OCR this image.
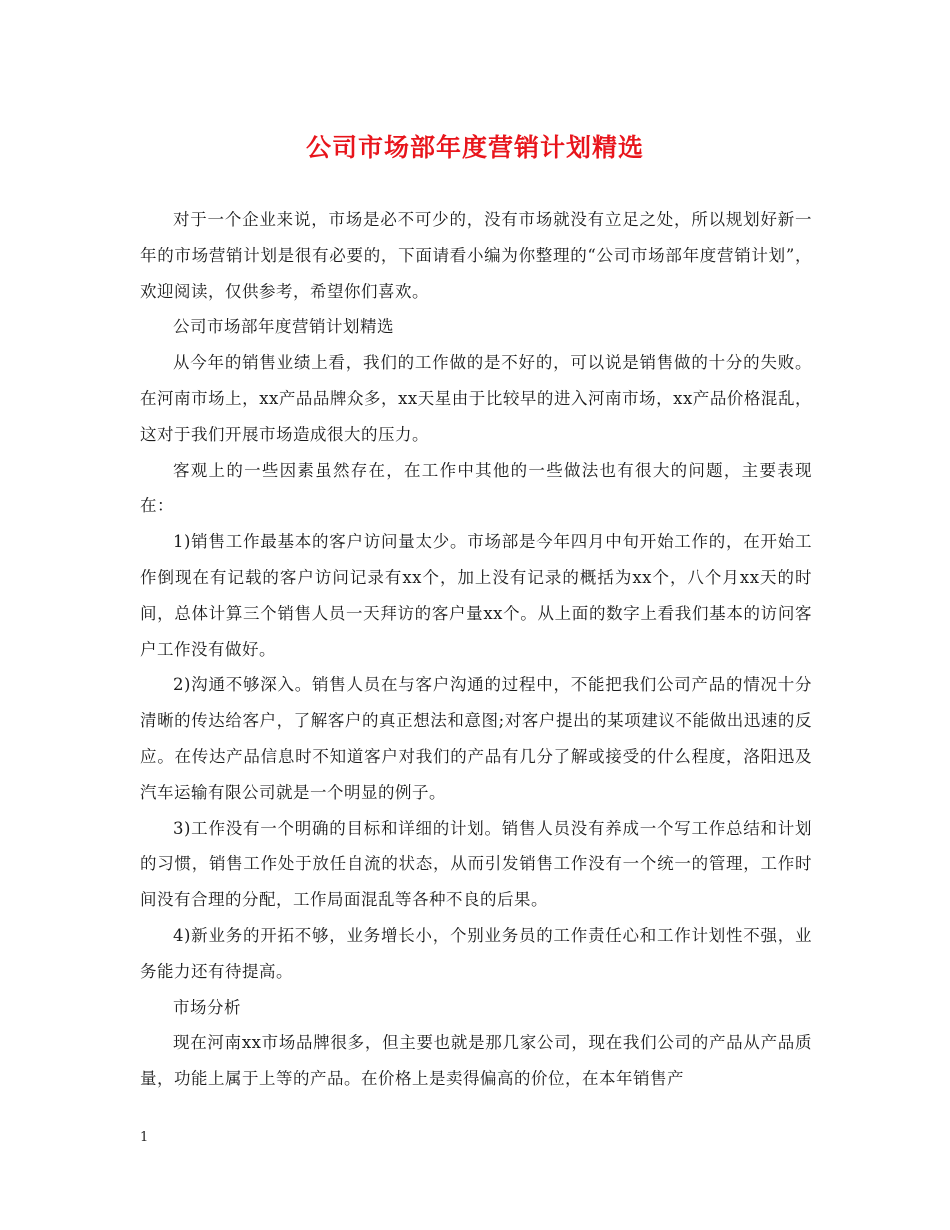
公司市场部年度营销计划精选

对于一个企业来说，市场是必不可少的，没有市场就没有立足之处，所以规划好新一年的市场营销计划是很有必要的，下面请看小编为你整理的“公司市场部年度营销计划”，欢迎阅读，仅供参考，希望你们喜欢。

公司市场部年度营销计划精选

从今年的销售业绩上看，我们的工作做的是不好的，可以说是销售做的十分的失败。在河南市场上，xx产品品牌众多，xx天星由于比较早的进入河南市场，xx产品价格混乱，这对于我们开展市场造成很大的压力。

客观上的一些因素虽然存在，在工作中其他的一些做法也有很大的问题，主要表现在：

1)销售工作最基本的客户访问量太少。市场部是今年四月中旬开始工作的，在开始工作倒现在有记载的客户访问记录有xx个，加上没有记录的概括为xx个，八个月xx天的时间，总体计算三个销售人员一天拜访的客户量xx个。从上面的数字上看我们基本的访问客户工作没有做好。

2)沟通不够深入。销售人员在与客户沟通的过程中，不能把我们公司产品的情况十分清晰的传达给客户，了解客户的真正想法和意图;对客户提出的某项建议不能做出迅速的反应。在传达产品信息时不知道客户对我们的产品有几分了解或接受的什么程度，洛阳迅及汽车运输有限公司就是一个明显的例子。

3)工作没有一个明确的目标和详细的计划。销售人员没有养成一个写工作总结和计划的习惯，销售工作处于放任自流的状态，从而引发销售工作没有一个统一的管理，工作时间没有合理的分配，工作局面混乱等各种不良的后果。

4)新业务的开拓不够，业务增长小，个别业务员的工作责任心和工作计划性不强，业务能力还有待提高。

市场分析

现在河南xx市场品牌很多，但主要也就是那几家公司，现在我们公司的产品从产品质量，功能上属于上等的产品。在价格上是卖得偏高的价位，在本年销售产

1
